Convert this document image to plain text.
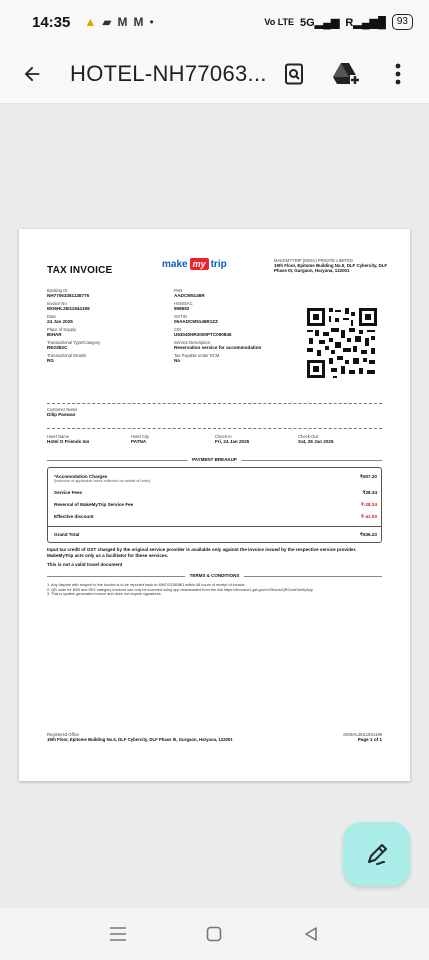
14:35 ▲ ▰ M M •	Vo LTE 5G▂▄▆ R▂▄▆█	93
HOTEL-NH77063...
TAX INVOICE
make my trip	MAKEMYTRIP (INDIA) PRIVATE LIMITED
19th Floor, Epitome Building No.5, DLF Cybercity, DLF Phase III, Gurgaon, Haryana, 122001
Booking ID
NH7706338113877​6
Invoice No
MO6HL25I11944199
Date
24 Jan 2025
Place of Supply
BIHAR
Transactional Type/Category
REG/B2C
Transactional Details
RG
PAN
AADCM5146R
HSN/SAC
998552
GSTIN
06AADCM5146R1ZZ
CIN
U63040HR2000PTC090846
Service Description
Reservation service for accommodation
Tax Payable under RCM
No
Customer Name
Dilip Paswan
Hotel Name
Hotel O Friends Inn
Hotel City
PATNA
Check-in
Fri, 24 Jan 2025
Check-Out
Sat, 25 Jan 2025
PAYMENT BREAKUP
*Accomodation Charges	₹607.20
(Inclusive of applicable taxes collected on behalf of hotel)
Service Fees	₹28.34
Reversal of MakeMyTrip Service Fee	₹-28.34
Effective discount	₹-41.00
Grand Total	₹636.23
Input tax credit of GST charged by the original service provider is available only against the invoice issued by the respective service provider. MakeMyTrip acts only as a facilitator for these services.
This is not a valid travel document
TERMS & CONDITIONS
1. Any dispute with respect to the invoice is to be reported back to MMT/GOIBIBO within 48 hours of receipt of invoice.
2. QR code for B2B and SEZ category invoices can only be scanned using app downloaded from the link https://einvoice1.gst.gov.in/Others/QRCodeVerifyApp
3. This is system generated invoice and does not require signatures.
Registered Office
19th Floor, Epitome Building No.5, DLF Cybercity, DLF Phase III, Gurgaon, Haryana, 122001
MO6HL25I11944199
Page 1 of 1
